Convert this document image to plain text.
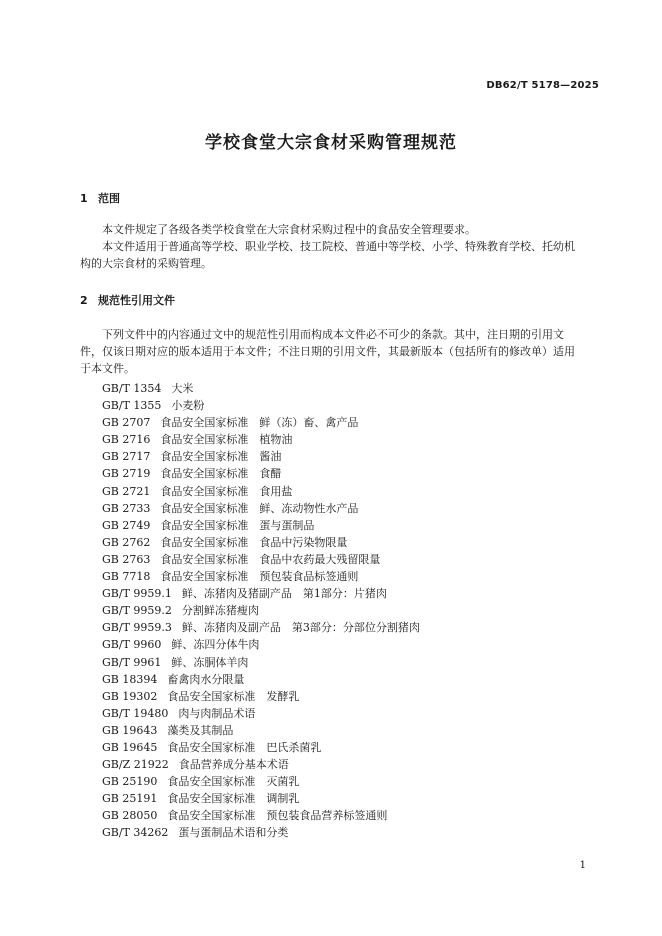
DB62/T 5178—2025
学校食堂大宗食材采购管理规范
1 范围
本文件规定了各级各类学校食堂在大宗食材采购过程中的食品安全管理要求。
本文件适用于普通高等学校、职业学校、技工院校、普通中等学校、小学、特殊教育学校、托幼机
构的大宗食材的采购管理。
2 规范性引用文件
下列文件中的内容通过文中的规范性引用而构成本文件必不可少的条款。其中，注日期的引用文
件，仅该日期对应的版本适用于本文件；不注日期的引用文件，其最新版本（包括所有的修改单）适用
于本文件。
GB/T 1354 大米
GB/T 1355 小麦粉
GB 2707 食品安全国家标准　鲜（冻）畜、禽产品
GB 2716 食品安全国家标准　植物油
GB 2717 食品安全国家标准　酱油
GB 2719 食品安全国家标准　食醋
GB 2721 食品安全国家标准　食用盐
GB 2733 食品安全国家标准　鲜、冻动物性水产品
GB 2749 食品安全国家标准　蛋与蛋制品
GB 2762 食品安全国家标准　食品中污染物限量
GB 2763 食品安全国家标准　食品中农药最大残留限量
GB 7718 食品安全国家标准　预包装食品标签通则
GB/T 9959.1 鲜、冻猪肉及猪副产品　第1部分：片猪肉
GB/T 9959.2 分割鲜冻猪瘦肉
GB/T 9959.3 鲜、冻猪肉及副产品　第3部分：分部位分割猪肉
GB/T 9960 鲜、冻四分体牛肉
GB/T 9961 鲜、冻胴体羊肉
GB 18394 畜禽肉水分限量
GB 19302 食品安全国家标准　发酵乳
GB/T 19480 肉与肉制品术语
GB 19643 藻类及其制品
GB 19645 食品安全国家标准　巴氏杀菌乳
GB/Z 21922 食品营养成分基本术语
GB 25190 食品安全国家标准　灭菌乳
GB 25191 食品安全国家标准　调制乳
GB 28050 食品安全国家标准　预包装食品营养标签通则
GB/T 34262 蛋与蛋制品术语和分类
1
